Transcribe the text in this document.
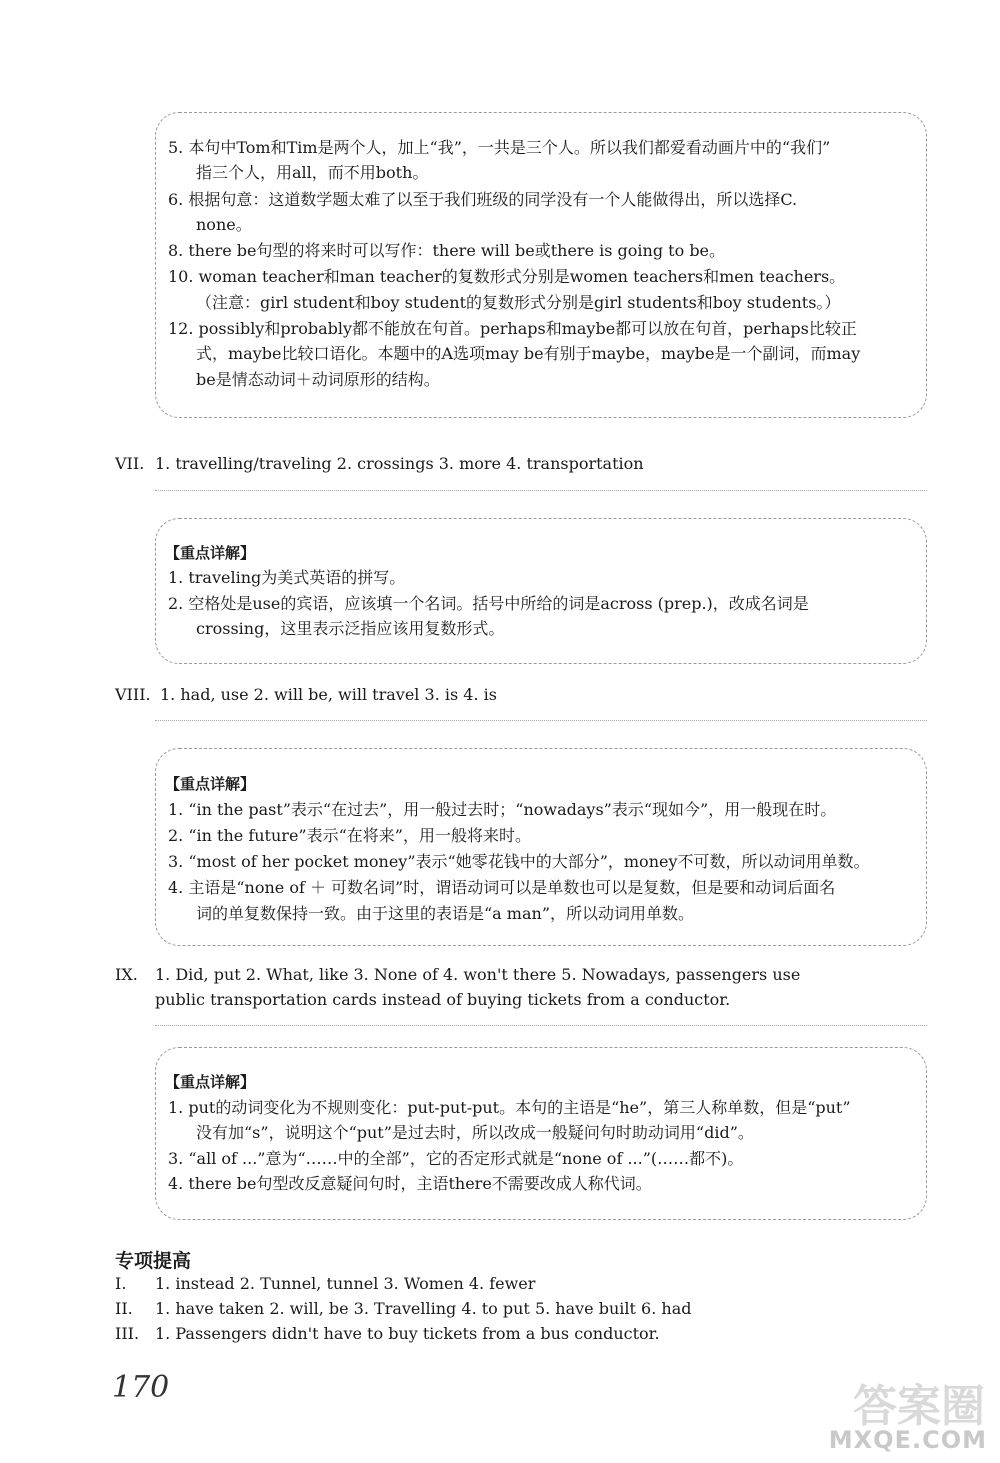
5. 本句中Tom和Tim是两个人，加上“我”，一共是三个人。所以我们都爱看动画片中的“我们”
指三个人，用all，而不用both。
6. 根据句意：这道数学题太难了以至于我们班级的同学没有一个人能做得出，所以选择C.
none。
8. there be句型的将来时可以写作：there will be或there is going to be。
10. woman teacher和man teacher的复数形式分别是women teachers和men teachers。
（注意：girl student和boy student的复数形式分别是girl students和boy students。）
12. possibly和probably都不能放在句首。perhaps和maybe都可以放在句首，perhaps比较正
式，maybe比较口语化。本题中的A选项may be有别于maybe，maybe是一个副词，而may
be是情态动词＋动词原形的结构。
VII. 1. travelling/traveling 2. crossings 3. more 4. transportation
【重点详解】
1. traveling为美式英语的拼写。
2. 空格处是use的宾语，应该填一个名词。括号中所给的词是across (prep.)，改成名词是
crossing，这里表示泛指应该用复数形式。
VIII. 1. had, use 2. will be, will travel 3. is 4. is
【重点详解】
1. “in the past”表示“在过去”，用一般过去时；“nowadays”表示“现如今”，用一般现在时。
2. “in the future”表示“在将来”，用一般将来时。
3. “most of her pocket money”表示“她零花钱中的大部分”，money不可数，所以动词用单数。
4. 主语是“none of ＋ 可数名词”时，谓语动词可以是单数也可以是复数，但是要和动词后面名
词的单复数保持一致。由于这里的表语是“a man”，所以动词用单数。
IX. 1. Did, put 2. What, like 3. None of 4. won't there 5. Nowadays, passengers use
public transportation cards instead of buying tickets from a conductor.
【重点详解】
1. put的动词变化为不规则变化：put-put-put。本句的主语是“he”，第三人称单数，但是“put”
没有加“s”，说明这个“put”是过去时，所以改成一般疑问句时助动词用“did”。
3. “all of ...”意为“……中的全部”，它的否定形式就是“none of ...”(……都不)。
4. there be句型改反意疑问句时，主语there不需要改成人称代词。
专项提高
I. 1. instead 2. Tunnel, tunnel 3. Women 4. fewer
II. 1. have taken 2. will, be 3. Travelling 4. to put 5. have built 6. had
III. 1. Passengers didn't have to buy tickets from a bus conductor.
170	答案圈
MXQE.COM
